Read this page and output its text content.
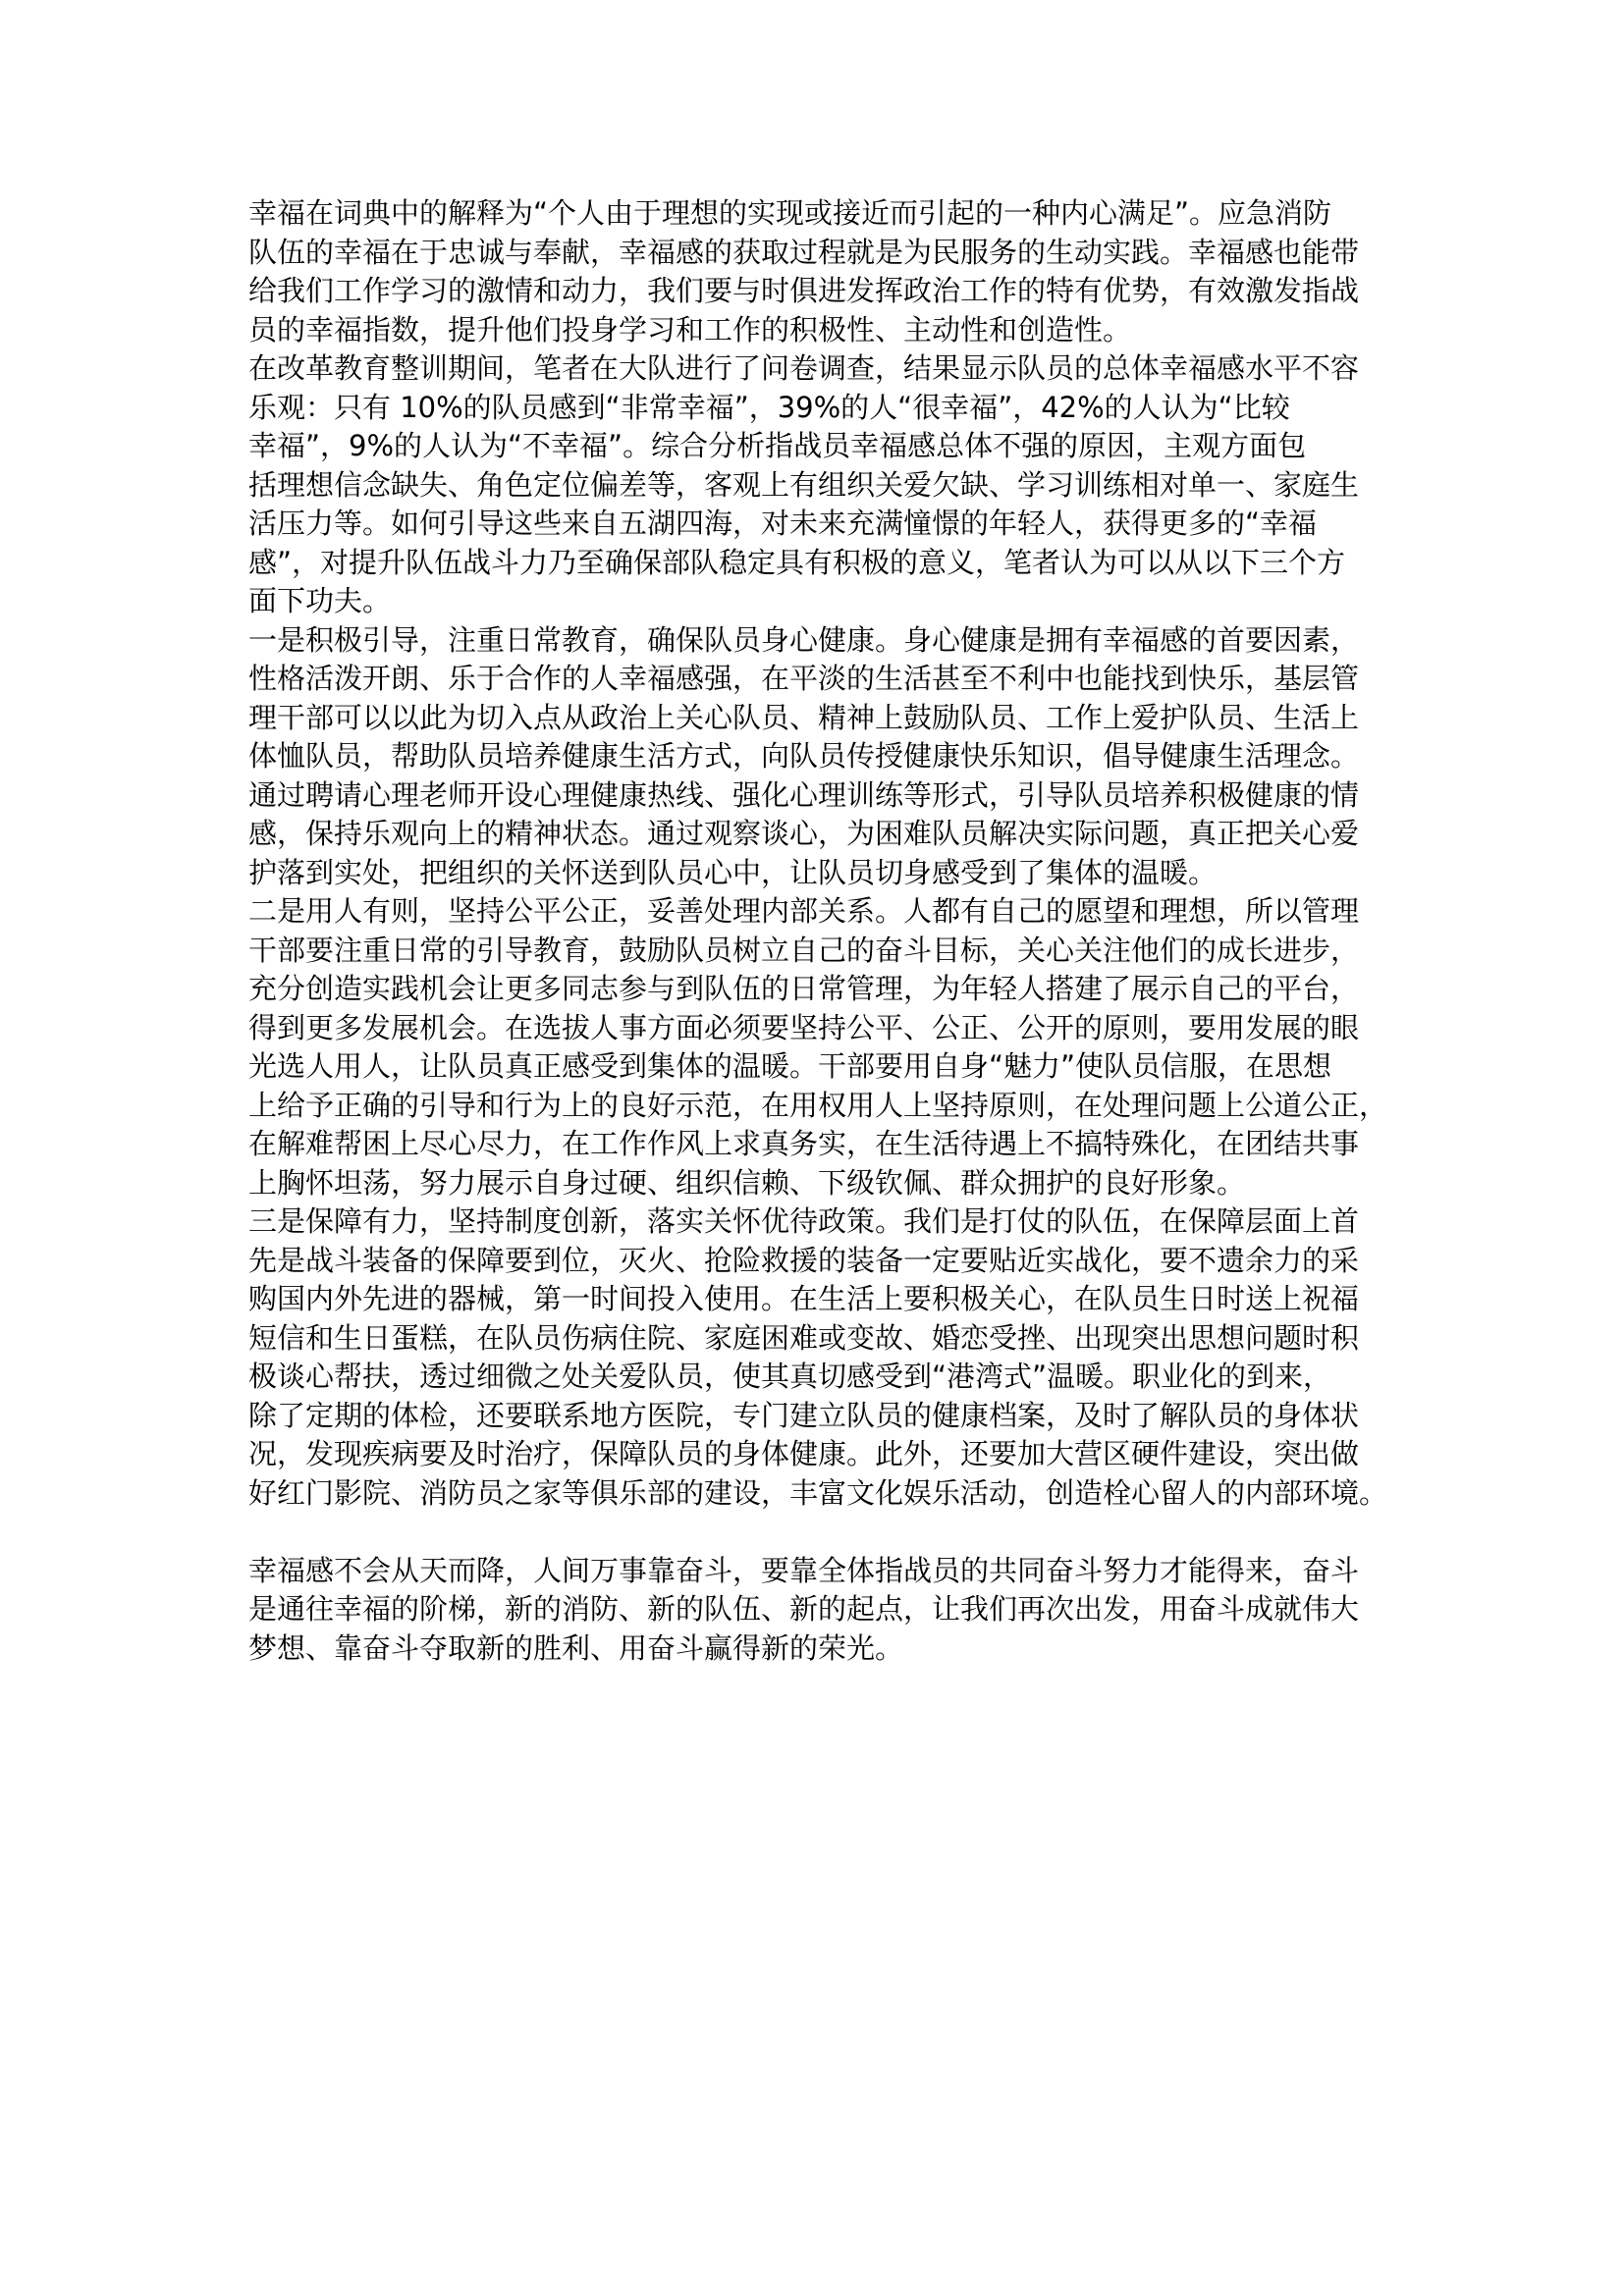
幸福在词典中的解释为“个人由于理想的实现或接近而引起的一种内心满足”。应急消防
队伍的幸福在于忠诚与奉献，幸福感的获取过程就是为民服务的生动实践。幸福感也能带
给我们工作学习的激情和动力，我们要与时俱进发挥政治工作的特有优势，有效激发指战
员的幸福指数，提升他们投身学习和工作的积极性、主动性和创造性。
在改革教育整训期间，笔者在大队进行了问卷调查，结果显示队员的总体幸福感水平不容
乐观：只有 10%的队员感到“非常幸福”，39%的人“很幸福”，42%的人认为“比较
幸福”，9%的人认为“不幸福”。综合分析指战员幸福感总体不强的原因，主观方面包
括理想信念缺失、角色定位偏差等，客观上有组织关爱欠缺、学习训练相对单一、家庭生
活压力等。如何引导这些来自五湖四海，对未来充满憧憬的年轻人，获得更多的“幸福
感”，对提升队伍战斗力乃至确保部队稳定具有积极的意义，笔者认为可以从以下三个方
面下功夫。
一是积极引导，注重日常教育，确保队员身心健康。身心健康是拥有幸福感的首要因素，
性格活泼开朗、乐于合作的人幸福感强，在平淡的生活甚至不利中也能找到快乐，基层管
理干部可以以此为切入点从政治上关心队员、精神上鼓励队员、工作上爱护队员、生活上
体恤队员，帮助队员培养健康生活方式，向队员传授健康快乐知识，倡导健康生活理念。
通过聘请心理老师开设心理健康热线、强化心理训练等形式，引导队员培养积极健康的情
感，保持乐观向上的精神状态。通过观察谈心，为困难队员解决实际问题，真正把关心爱
护落到实处，把组织的关怀送到队员心中，让队员切身感受到了集体的温暖。
二是用人有则，坚持公平公正，妥善处理内部关系。人都有自己的愿望和理想，所以管理
干部要注重日常的引导教育，鼓励队员树立自己的奋斗目标，关心关注他们的成长进步，
充分创造实践机会让更多同志参与到队伍的日常管理，为年轻人搭建了展示自己的平台，
得到更多发展机会。在选拔人事方面必须要坚持公平、公正、公开的原则，要用发展的眼
光选人用人，让队员真正感受到集体的温暖。干部要用自身“魅力”使队员信服，在思想
上给予正确的引导和行为上的良好示范，在用权用人上坚持原则，在处理问题上公道公正，
在解难帮困上尽心尽力，在工作作风上求真务实，在生活待遇上不搞特殊化，在团结共事
上胸怀坦荡，努力展示自身过硬、组织信赖、下级钦佩、群众拥护的良好形象。
三是保障有力，坚持制度创新，落实关怀优待政策。我们是打仗的队伍，在保障层面上首
先是战斗装备的保障要到位，灭火、抢险救援的装备一定要贴近实战化，要不遗余力的采
购国内外先进的器械，第一时间投入使用。在生活上要积极关心，在队员生日时送上祝福
短信和生日蛋糕，在队员伤病住院、家庭困难或变故、婚恋受挫、出现突出思想问题时积
极谈心帮扶，透过细微之处关爱队员，使其真切感受到“港湾式”温暖。职业化的到来，
除了定期的体检，还要联系地方医院，专门建立队员的健康档案，及时了解队员的身体状
况，发现疾病要及时治疗，保障队员的身体健康。此外，还要加大营区硬件建设，突出做
好红门影院、消防员之家等俱乐部的建设，丰富文化娱乐活动，创造栓心留人的内部环境。
幸福感不会从天而降，人间万事靠奋斗，要靠全体指战员的共同奋斗努力才能得来，奋斗
是通往幸福的阶梯，新的消防、新的队伍、新的起点，让我们再次出发，用奋斗成就伟大
梦想、靠奋斗夺取新的胜利、用奋斗赢得新的荣光。
